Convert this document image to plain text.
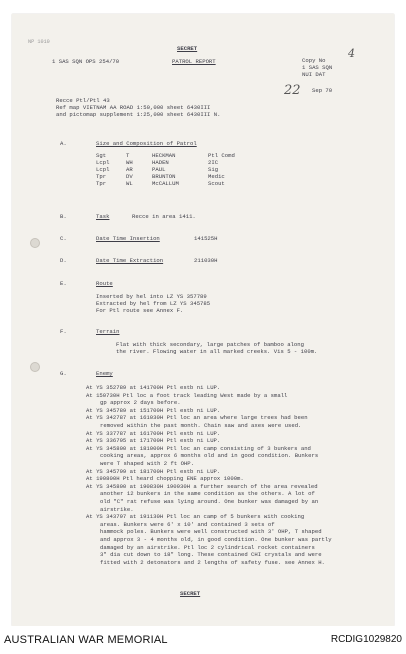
NP 1010
SECRET
1 SAS SQN OPS 254/70	PATROL REPORT	Copy No
4
1 SAS SQN
NUI DAT
22 Sep 70
Recce Ptl/Ptl 43
Ref map VIETNAM AA ROAD 1:50,000 sheet 6430III
and pictomap supplement 1:25,000 sheet 6430III N.
A.	Size and Composition of Patrol
B.	Task	Recce in area 1411.
C.	Date Time Insertion	141525H
D.	Date Time Extraction	211030H
E.	Route
F.	Terrain
G.	Enemy
SECRET
Sgt	T	HECKMAN	Ptl Comd
Lcpl	WH	HADEN	2IC
Lcpl	AR	PAUL	Sig
Tpr	DV	BRUNTON	Medic
Tpr	WL	McCALLUM	Scout
Inserted by hel into LZ YS 357789
Extracted by hel from LZ YS 345785
For Ptl route see Annex F.
Flat with thick secondary, large patches of bamboo along
the river. Flowing water in all marked creeks. Vis 5 - 100m.
At YS 352789 at 141700H Ptl estb ni LUP.
At 150730H Ptl loc a foot track leading West made by a small
gp approx 2 days before.
At YS 345789 at 151700H Ptl estb ni LUP.
At YS 342787 at 161030H Ptl loc an area where large trees had been
removed within the past month. Chain saw and axes were used.
At YS 337787 at 161700H Ptl estb ni LUP.
At YS 336795 at 171700H Ptl estb ni LUP.
At YS 345800 at 181000H Ptl loc an camp consisting of 3 bunkers and
cooking areas, approx 6 months old and in good condition. Bunkers
were T shaped with 2 ft OHP.
At YS 345799 at 181700H Ptl estb ni LUP.
At 190800H Ptl heard chopping ENE approx 1000m.
At YS 345800 at 190830H 190930H a further search of the area revealed
another 12 bunkers in the same condition as the others. A lot of
old "C" rat refuse was lying around. One bunker was damaged by an
airstrike.
At YS 343797 at 191130H Ptl loc an camp of 5 bunkers with cooking
areas. Bunkers were 6' x 10' and contained 3 sets of
hammock poles. Bunkers were well constructed with 3' OHP, T shaped
and approx 3 - 4 months old, in good condition. One bunker was partly
damaged by an airstrike. Ptl loc 2 cylindrical rocket containers
3" dia cut down to 18" long. These contained CHI crystals and were
fitted with 2 detonators and 2 lengths of safety fuse. see Annex H.
AUSTRALIAN WAR MEMORIAL	RCDIG1029820
